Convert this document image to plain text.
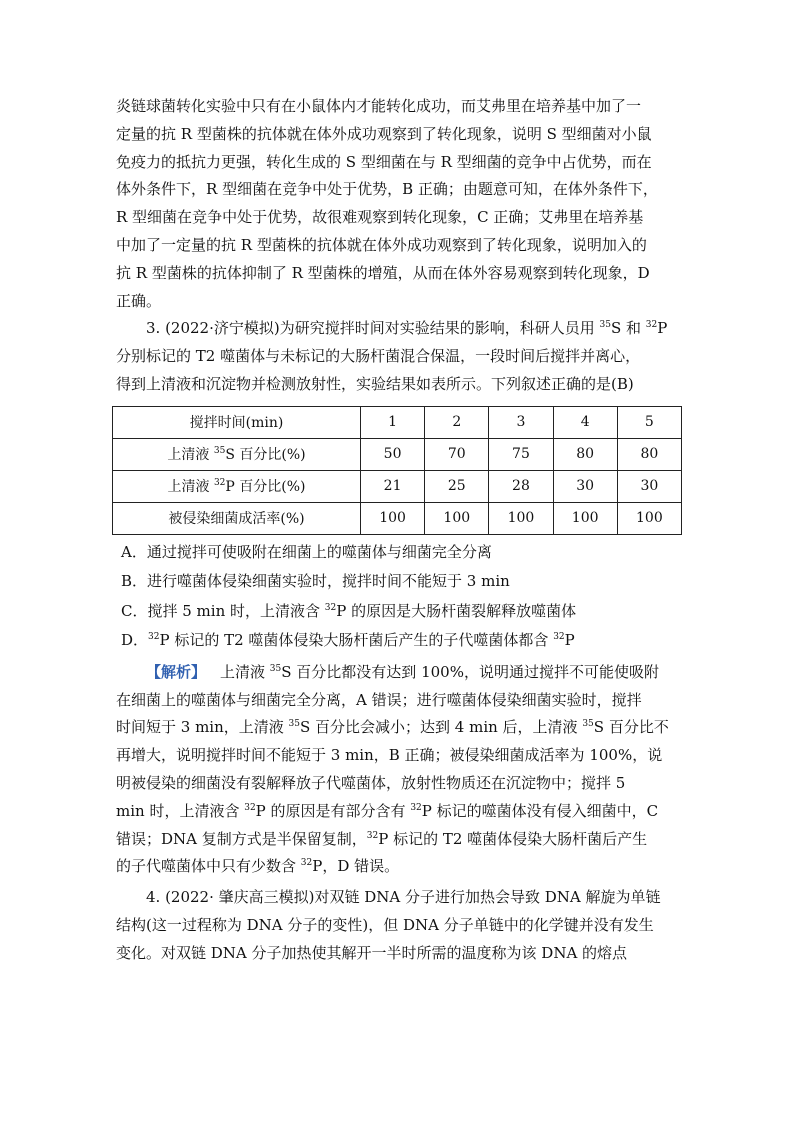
炎链球菌转化实验中只有在小鼠体内才能转化成功，而艾弗里在培养基中加了一

定量的抗 R 型菌株的抗体就在体外成功观察到了转化现象，说明 S 型细菌对小鼠

免疫力的抵抗力更强，转化生成的 S 型细菌在与 R 型细菌的竞争中占优势，而在

体外条件下，R 型细菌在竞争中处于优势，B 正确；由题意可知，在体外条件下，

R 型细菌在竞争中处于优势，故很难观察到转化现象，C 正确；艾弗里在培养基

中加了一定量的抗 R 型菌株的抗体就在体外成功观察到了转化现象，说明加入的

抗 R 型菌株的抗体抑制了 R 型菌株的增殖，从而在体外容易观察到转化现象，D

正确。

3. (2022·济宁模拟)为研究搅拌时间对实验结果的影响，科研人员用 $^{35}$S 和 $^{32}$P

分别标记的 T2 噬菌体与未标记的大肠杆菌混合保温，一段时间后搅拌并离心，

得到上清液和沉淀物并检测放射性，实验结果如表所示。下列叙述正确的是(B)

搅拌时间(min)	1	2	3	4	5
上清液 $^{35}$S 百分比(%)	50	70	75	80	80
上清液 $^{32}$P 百分比(%)	21	25	28	30	30
被侵染细菌成活率(%)	100	100	100	100	100

A．通过搅拌可使吸附在细菌上的噬菌体与细菌完全分离

B．进行噬菌体侵染细菌实验时，搅拌时间不能短于 3 min

C．搅拌 5 min 时，上清液含 $^{32}$P 的原因是大肠杆菌裂解释放噬菌体

D．$^{32}$P 标记的 T2 噬菌体侵染大肠杆菌后产生的子代噬菌体都含 $^{32}$P

【解析】 上清液 $^{35}$S 百分比都没有达到 100%，说明通过搅拌不可能使吸附

在细菌上的噬菌体与细菌完全分离，A 错误；进行噬菌体侵染细菌实验时，搅拌

时间短于 3 min，上清液 $^{35}$S 百分比会减小；达到 4 min 后，上清液 $^{35}$S 百分比不

再增大，说明搅拌时间不能短于 3 min，B 正确；被侵染细菌成活率为 100%，说

明被侵染的细菌没有裂解释放子代噬菌体，放射性物质还在沉淀物中；搅拌 5

min 时，上清液含 $^{32}$P 的原因是有部分含有 $^{32}$P 标记的噬菌体没有侵入细菌中，C

错误；DNA 复制方式是半保留复制，$^{32}$P 标记的 T2 噬菌体侵染大肠杆菌后产生

的子代噬菌体中只有少数含 $^{32}$P，D 错误。

4. (2022· 肇庆高三模拟)对双链 DNA 分子进行加热会导致 DNA 解旋为单链

结构(这一过程称为 DNA 分子的变性)，但 DNA 分子单链中的化学键并没有发生

变化。对双链 DNA 分子加热使其解开一半时所需的温度称为该 DNA 的熔点
